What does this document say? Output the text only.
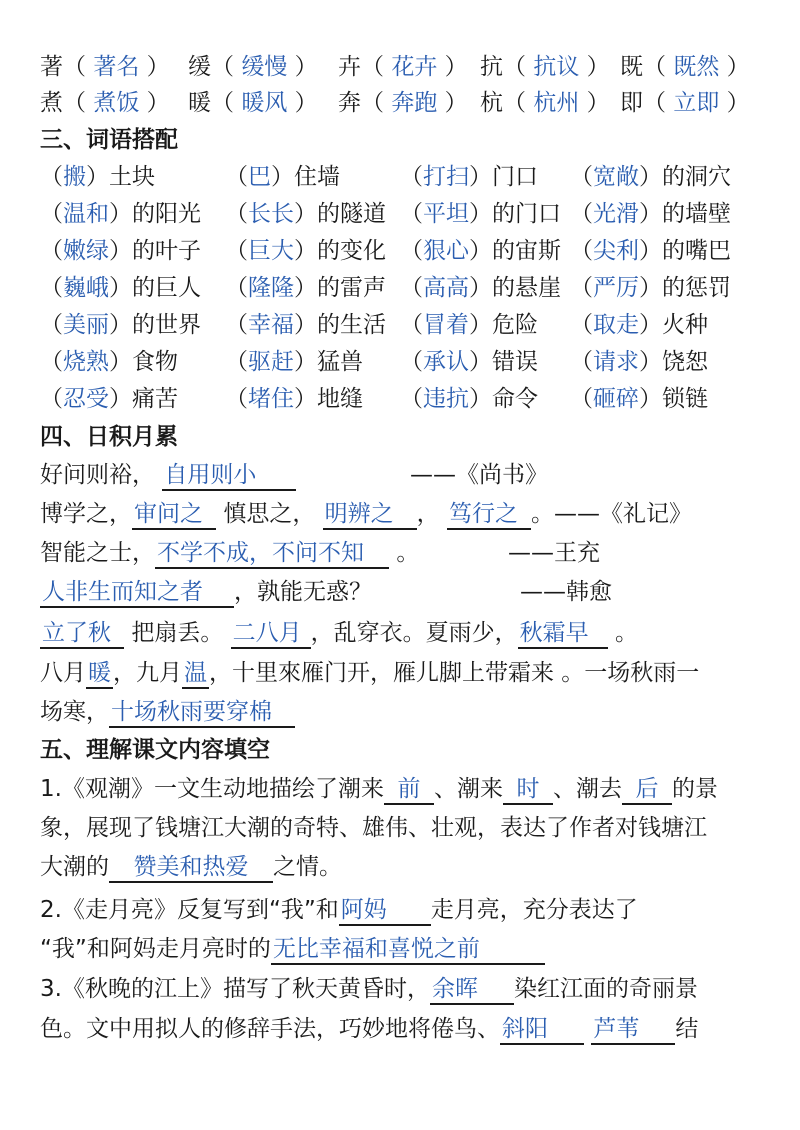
著（ 著名 ） 缓（ 缓慢 ） 卉（ 花卉 ） 抗（ 抗议 ） 既（ 既然 ）
煮（ 煮饭 ） 暖（ 暖风 ） 奔（ 奔跑 ） 杭（ 杭州 ） 即（ 立即 ）
三、词语搭配
（搬）土块	（巴）住墙	（打扫）门口 （宽敞）的洞穴
（温和）的阳光 （长长）的隧道 （平坦）的门口 （光滑）的墙壁
（嫩绿）的叶子 （巨大）的变化 （狠心）的宙斯 （尖利）的嘴巴
（巍峨）的巨人 （隆隆）的雷声 （高高）的悬崖 （严厉）的惩罚
（美丽）的世界 （幸福）的生活 （冒着）危险 （取走）火种
（烧熟）食物 （驱赶）猛兽 （承认）错误 （请求）饶恕
（忍受）痛苦 （堵住）地缝 （违抗）命令 （砸碎）锁链
四、日积月累
好问则裕， 自用则小	——《尚书》
博学之，审问之 慎思之， 明辨之 ， 笃行之 。——《礼记》
智能之士，不学不成，不问不知 。	——王充
人非生而知之者 ，孰能无惑？	——韩愈
立了秋 把扇丢。 二八月 ，乱穿衣。夏雨少，秋霜早 。
八月暖，九月温，十里來雁门开，雁儿脚上带霜来 。一场秋雨一
场寒，十场秋雨要穿棉
五、理解课文内容填空
1.《观潮》一文生动地描绘了潮来 前 、潮来 时 、潮去 后 的景
象，展现了钱塘江大潮的奇特、雄伟、壮观，表达了作者对钱塘江
大潮的 赞美和热爱 之情。
2.《走月亮》反复写到“我”和阿妈 走月亮，充分表达了
“我”和阿妈走月亮时的无比幸福和喜悦之前
3.《秋晚的江上》描写了秋天黄昏时，余晖 染红江面的奇丽景
色。文中用拟人的修辞手法，巧妙地将倦鸟、斜阳 芦苇 结
